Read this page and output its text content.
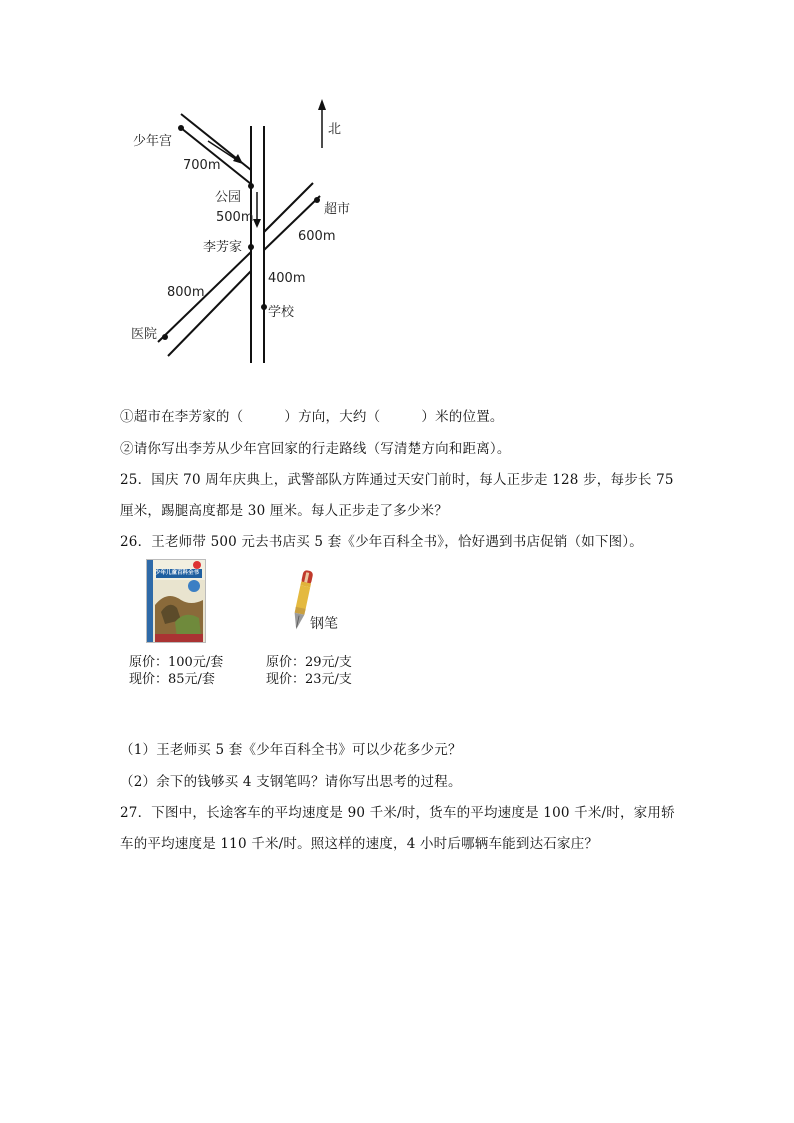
少年宫
700m
公园
500m
李芳家
800m
医院
超市
600m
400m
学校
北
①超市在李芳家的（　　　）方向，大约（　　　）米的位置。
②请你写出李芳从少年宫回家的行走路线（写清楚方向和距离）。
25．国庆 70 周年庆典上，武警部队方阵通过天安门前时，每人正步走 128 步，每步长 75
厘米，踢腿高度都是 30 厘米。每人正步走了多少米？
26．王老师带 500 元去书店买 5 套《少年百科全书》，恰好遇到书店促销（如下图）。
少年儿童百科全书
钢笔
原价：100元/套
现价：85元/套
原价：29元/支
现价：23元/支
（1）王老师买 5 套《少年百科全书》可以少花多少元？
（2）余下的钱够买 4 支钢笔吗？请你写出思考的过程。
27．下图中，长途客车的平均速度是 90 千米/时，货车的平均速度是 100 千米/时，家用轿
车的平均速度是 110 千米/时。照这样的速度，4 小时后哪辆车能到达石家庄？
